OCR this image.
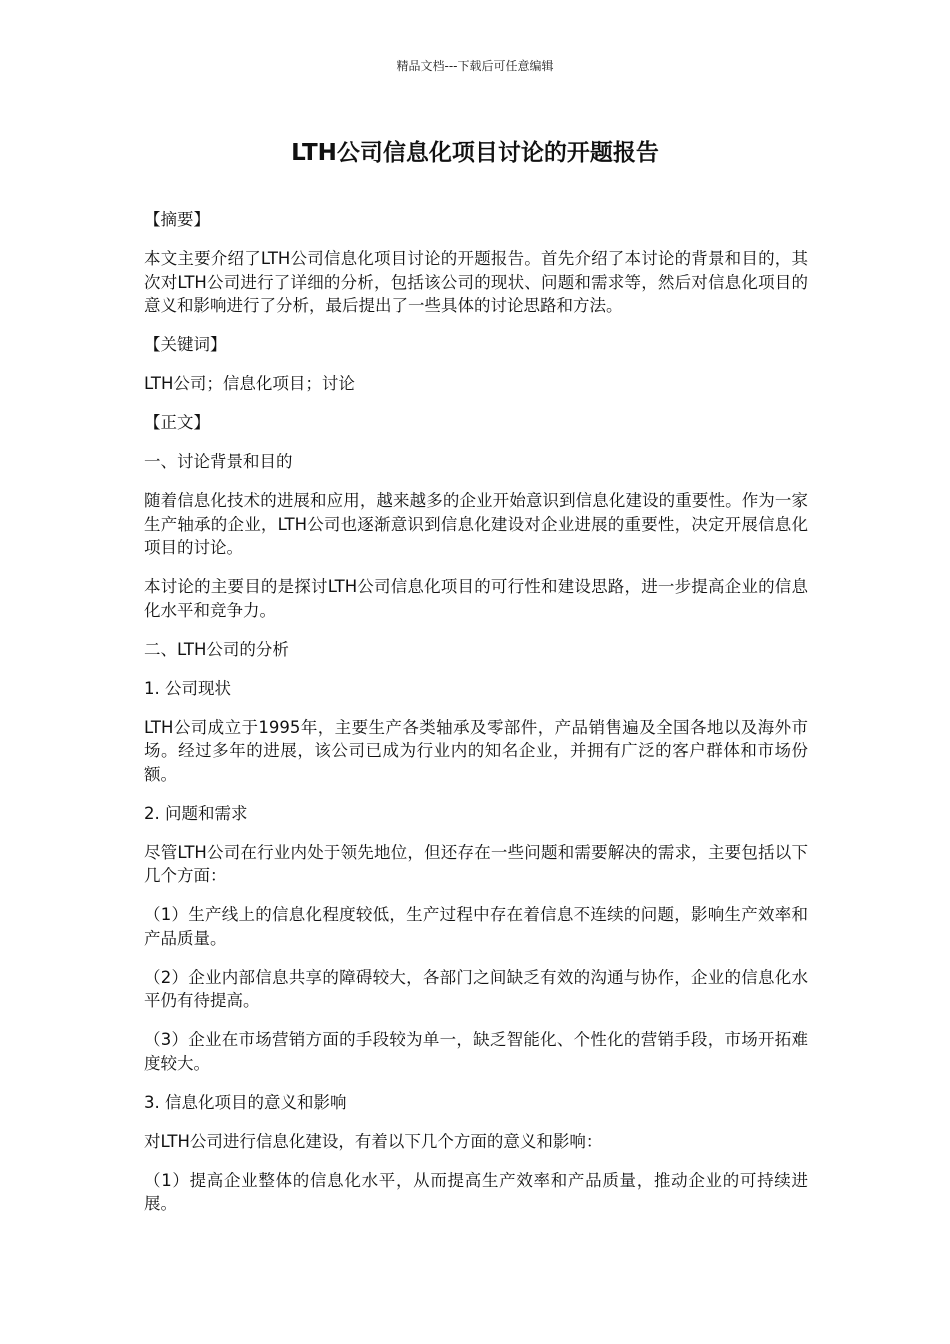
精品文档---下载后可任意编辑
LTH公司信息化项目讨论的开题报告

【摘要】

本文主要介绍了LTH公司信息化项目讨论的开题报告。首先介绍了本讨论的背景和目的，其次对LTH公司进行了详细的分析，包括该公司的现状、问题和需求等，然后对信息化项目的意义和影响进行了分析，最后提出了一些具体的讨论思路和方法。

【关键词】

LTH公司；信息化项目；讨论

【正文】

一、讨论背景和目的

随着信息化技术的进展和应用，越来越多的企业开始意识到信息化建设的重要性。作为一家生产轴承的企业，LTH公司也逐渐意识到信息化建设对企业进展的重要性，决定开展信息化项目的讨论。

本讨论的主要目的是探讨LTH公司信息化项目的可行性和建设思路，进一步提高企业的信息化水平和竞争力。

二、LTH公司的分析

1. 公司现状

LTH公司成立于1995年，主要生产各类轴承及零部件，产品销售遍及全国各地以及海外市场。经过多年的进展，该公司已成为行业内的知名企业，并拥有广泛的客户群体和市场份额。

2. 问题和需求

尽管LTH公司在行业内处于领先地位，但还存在一些问题和需要解决的需求，主要包括以下几个方面：

（1）生产线上的信息化程度较低，生产过程中存在着信息不连续的问题，影响生产效率和产品质量。

（2）企业内部信息共享的障碍较大，各部门之间缺乏有效的沟通与协作，企业的信息化水平仍有待提高。

（3）企业在市场营销方面的手段较为单一，缺乏智能化、个性化的营销手段，市场开拓难度较大。

3. 信息化项目的意义和影响

对LTH公司进行信息化建设，有着以下几个方面的意义和影响：

（1）提高企业整体的信息化水平，从而提高生产效率和产品质量，推动企业的可持续进展。
